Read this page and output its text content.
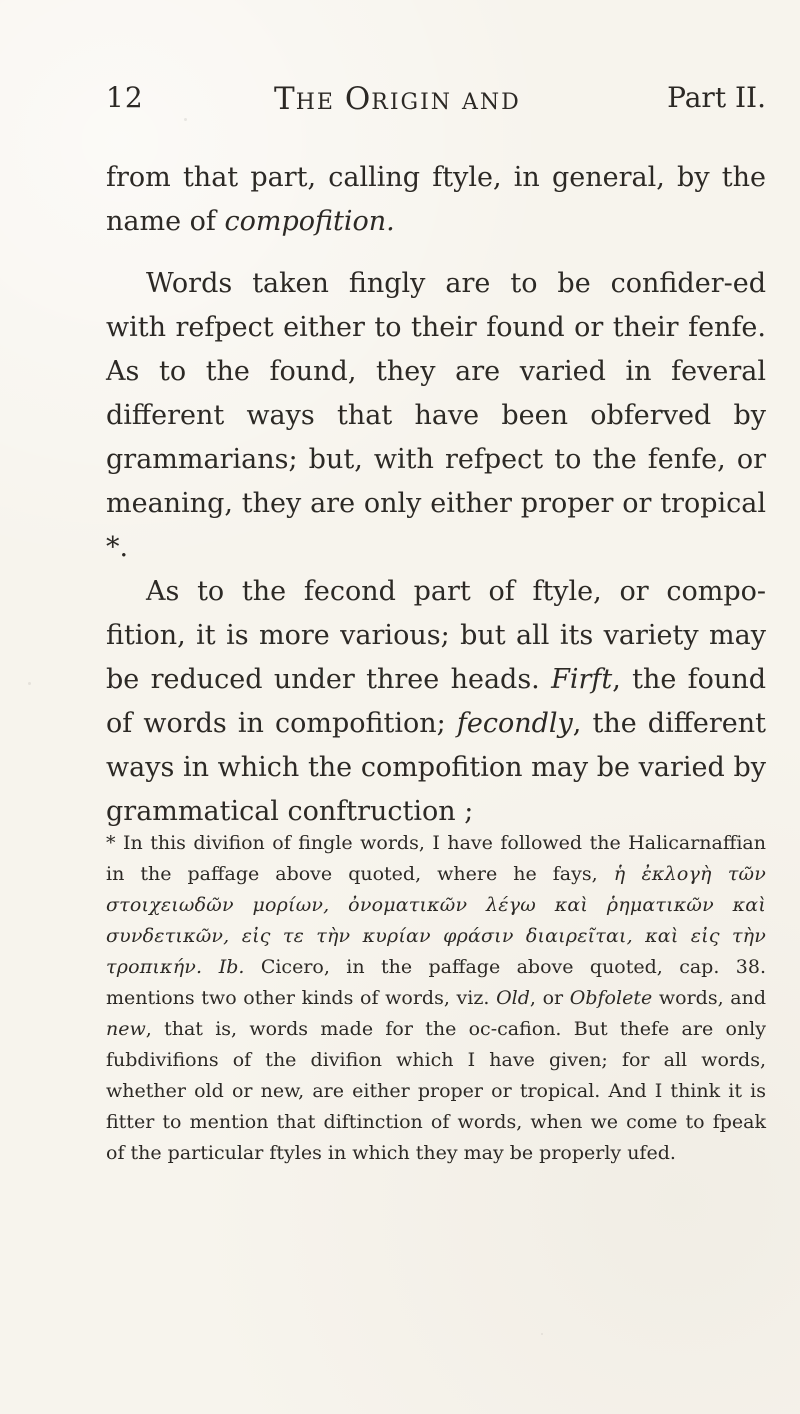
12	THE ORIGIN AND	Part II.

from that part, calling ftyle, in general, by the name of compofition.

Words taken fingly are to be confider-ed with refpect either to their found or their fenfe. As to the found, they are varied in feveral different ways that have been obferved by grammarians; but, with refpect to the fenfe, or meaning, they are only either proper or tropical *.

As to the fecond part of ftyle, or compo-fition, it is more various; but all its variety may be reduced under three heads. Firft, the found of words in compofition; fecondly, the different ways in which the compofition may be varied by grammatical conftruction ;

* In this divifion of fingle words, I have followed the Halicarnaffian in the paffage above quoted, where he fays, ἡ ἐκλογὴ τῶν στοιχειωδῶν μορίων, ὀνοματικῶν λέγω καὶ ῥηματικῶν καὶ συνδετικῶν, εἰς τε τὴν κυρίαν φράσιν διαιρεῖται, καὶ εἰς τὴν τροπικήν. Ib. Cicero, in the paffage above quoted, cap. 38. mentions two other kinds of words, viz. Old, or Obfolete words, and new, that is, words made for the oc-cafion. But thefe are only fubdivifions of the divifion which I have given; for all words, whether old or new, are either proper or tropical. And I think it is fitter to mention that diftinction of words, when we come to fpeak of the particular ftyles in which they may be properly ufed.
